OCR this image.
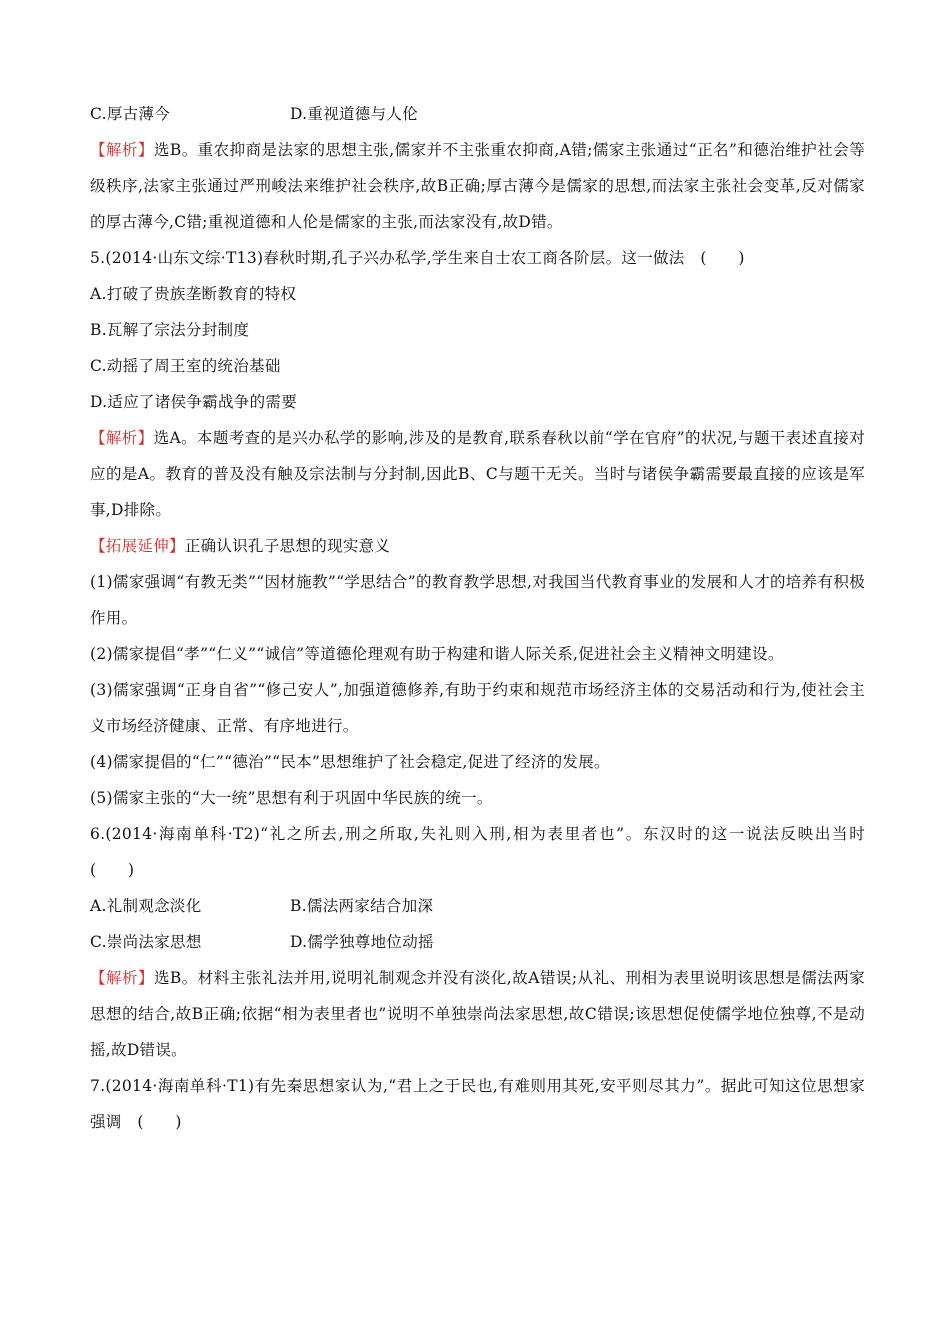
C.厚古薄今	D.重视道德与人伦
【解析】选B。重农抑商是法家的思想主张,儒家并不主张重农抑商,A错;儒家主张通过“正名”和德治维护社会等级秩序,法家主张通过严刑峻法来维护社会秩序,故B正确;厚古薄今是儒家的思想,而法家主张社会变革,反对儒家的厚古薄今,C错;重视道德和人伦是儒家的主张,而法家没有,故D错。
5.(2014·山东文综·T13)春秋时期,孔子兴办私学,学生来自士农工商各阶层。这一做法　(　　)
A.打破了贵族垄断教育的特权
B.瓦解了宗法分封制度
C.动摇了周王室的统治基础
D.适应了诸侯争霸战争的需要
【解析】选A。本题考查的是兴办私学的影响,涉及的是教育,联系春秋以前“学在官府”的状况,与题干表述直接对应的是A。教育的普及没有触及宗法制与分封制,因此B、C与题干无关。当时与诸侯争霸需要最直接的应该是军事,D排除。
【拓展延伸】正确认识孔子思想的现实意义
(1)儒家强调“有教无类”“因材施教”“学思结合”的教育教学思想,对我国当代教育事业的发展和人才的培养有积极作用。
(2)儒家提倡“孝”“仁义”“诚信”等道德伦理观有助于构建和谐人际关系,促进社会主义精神文明建设。
(3)儒家强调“正身自省”“修己安人”,加强道德修养,有助于约束和规范市场经济主体的交易活动和行为,使社会主义市场经济健康、正常、有序地进行。
(4)儒家提倡的“仁”“德治”“民本”思想维护了社会稳定,促进了经济的发展。
(5)儒家主张的“大一统”思想有利于巩固中华民族的统一。
6.(2014·海南单科·T2)“礼之所去,刑之所取,失礼则入刑,相为表里者也”。东汉时的这一说法反映出当时　(　　)
A.礼制观念淡化	B.儒法两家结合加深
C.崇尚法家思想	D.儒学独尊地位动摇
【解析】选B。材料主张礼法并用,说明礼制观念并没有淡化,故A错误;从礼、刑相为表里说明该思想是儒法两家思想的结合,故B正确;依据“相为表里者也”说明不单独崇尚法家思想,故C错误;该思想促使儒学地位独尊,不是动摇,故D错误。
7.(2014·海南单科·T1)有先秦思想家认为,“君上之于民也,有难则用其死,安平则尽其力”。据此可知这位思想家强调　(　　)
